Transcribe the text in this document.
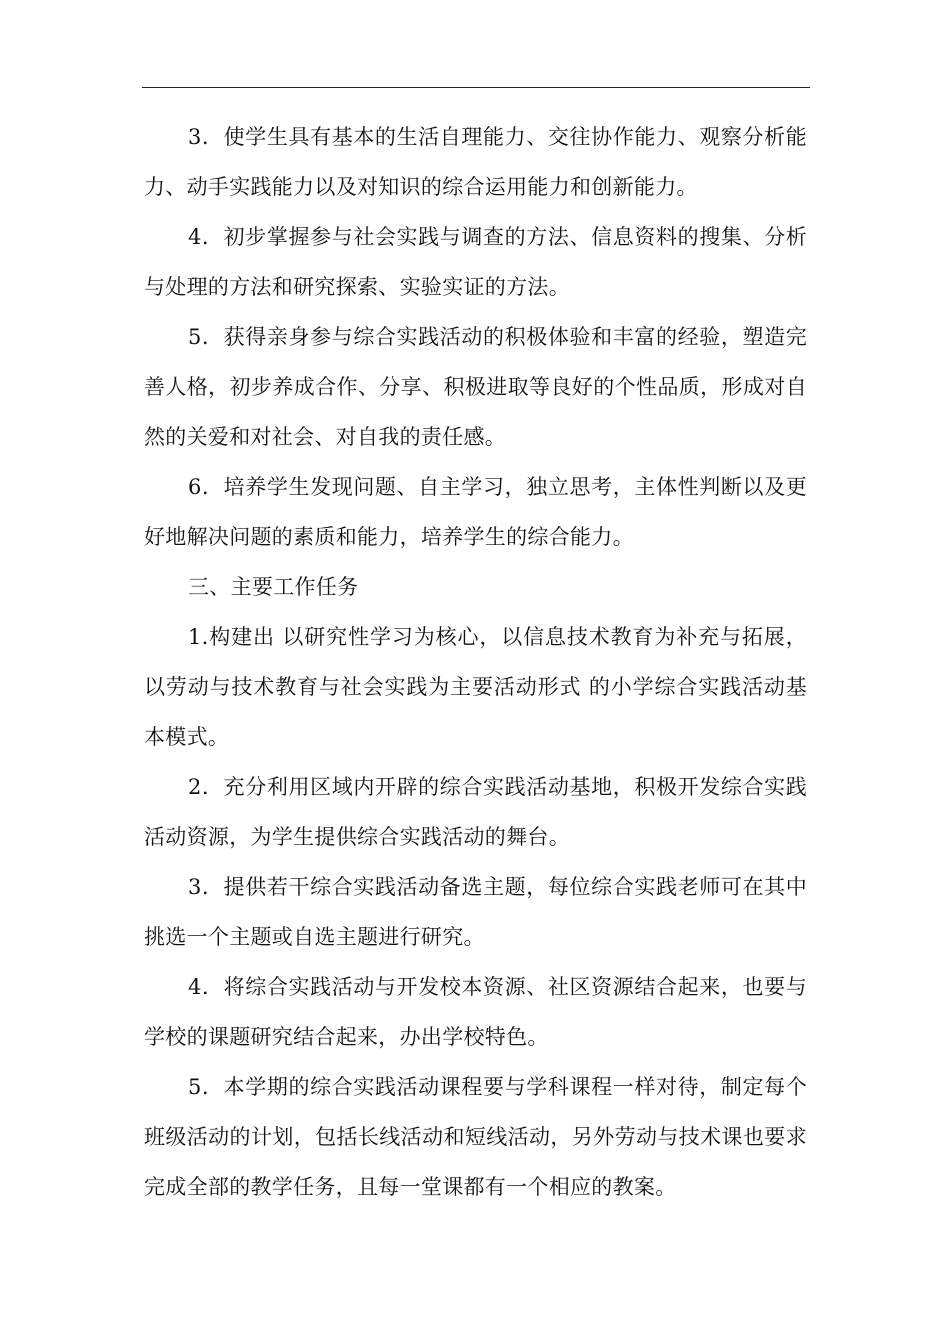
3．使学生具有基本的生活自理能力、交往协作能力、观察分析能力、动手实践能力以及对知识的综合运用能力和创新能力。

4．初步掌握参与社会实践与调查的方法、信息资料的搜集、分析与处理的方法和研究探索、实验实证的方法。

5．获得亲身参与综合实践活动的积极体验和丰富的经验，塑造完善人格，初步养成合作、分享、积极进取等良好的个性品质，形成对自然的关爱和对社会、对自我的责任感。

6．培养学生发现问题、自主学习，独立思考，主体性判断以及更好地解决问题的素质和能力，培养学生的综合能力。

三、主要工作任务

1.构建出 以研究性学习为核心，以信息技术教育为补充与拓展，以劳动与技术教育与社会实践为主要活动形式 的小学综合实践活动基本模式。

2．充分利用区域内开辟的综合实践活动基地，积极开发综合实践活动资源，为学生提供综合实践活动的舞台。

3．提供若干综合实践活动备选主题，每位综合实践老师可在其中挑选一个主题或自选主题进行研究。

4．将综合实践活动与开发校本资源、社区资源结合起来，也要与学校的课题研究结合起来，办出学校特色。

5．本学期的综合实践活动课程要与学科课程一样对待，制定每个班级活动的计划，包括长线活动和短线活动，另外劳动与技术课也要求完成全部的教学任务，且每一堂课都有一个相应的教案。
